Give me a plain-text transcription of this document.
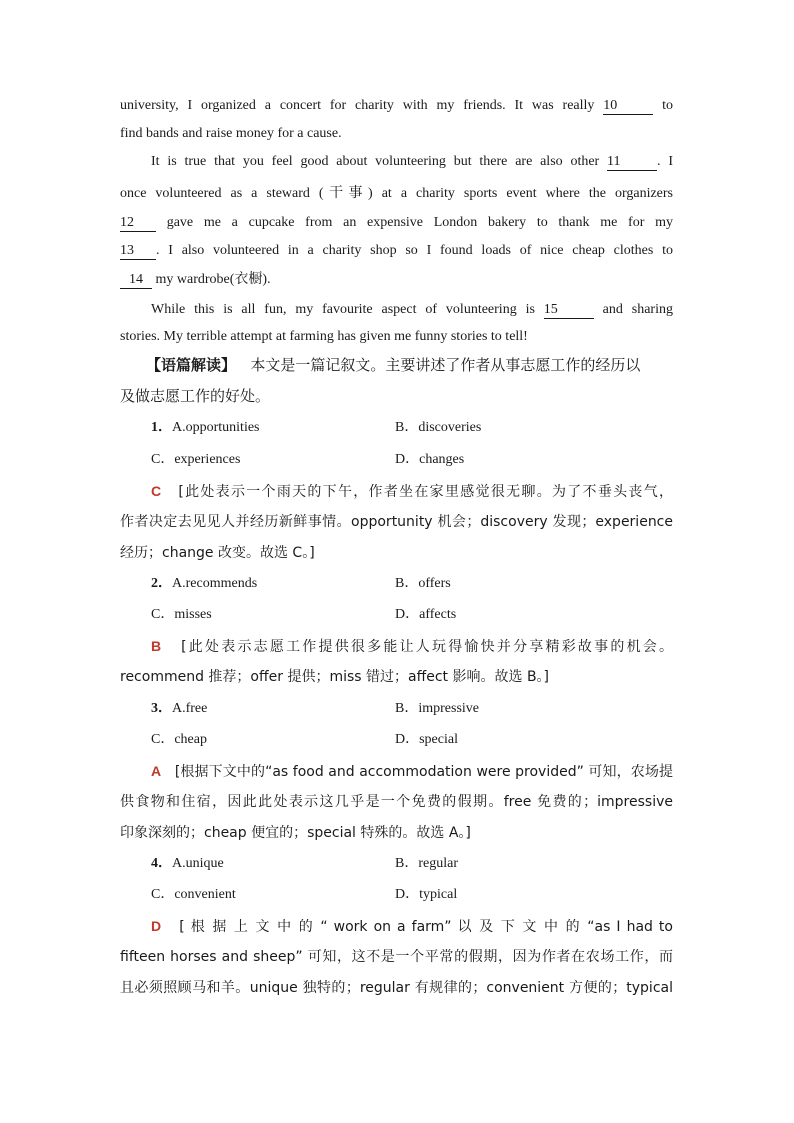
university, I organized a concert for charity with my friends. It was really 10	to
find bands and raise money for a cause.
It is true that you feel good about volunteering but there are also other 11	. I
once volunteered as a steward (干事) at a charity sports event where the organizers
12 gave me a cupcake from an expensive London bakery to thank me for my
13 . I also volunteered in a charity shop so I found loads of nice cheap clothes to
14 my wardrobe(衣橱).
While this is all fun, my favourite aspect of volunteering is 15	and sharing
stories. My terrible attempt at farming has given me funny stories to tell!
【语篇解读】 本文是一篇记叙文。主要讲述了作者从事志愿工作的经历以
及做志愿工作的好处。
1．A.opportunities	B．discoveries
C．experiences	D．changes
C [此处表示一个雨天的下午，作者坐在家里感觉很无聊。为了不垂头丧气，
作者决定去见见人并经历新鲜事情。opportunity 机会；discovery 发现；experience
经历；change 改变。故选 C。]
2．A.recommends	B．offers
C．misses	D．affects
B [此处表示志愿工作提供很多能让人玩得愉快并分享精彩故事的机会。
recommend 推荐；offer 提供；miss 错过；affect 影响。故选 B。]
3．A.free	B．impressive
C．cheap	D．special
A [根据下文中的“as food and accommodation were provided” 可知，农场提
供食物和住宿，因此此处表示这几乎是一个免费的假期。free 免费的；impressive
印象深刻的；cheap 便宜的；special 特殊的。故选 A。]
4．A.unique	B．regular
C．convenient	D．typical
D [ 根 据 上 文 中 的 “ work on a farm” 以 及 下 文 中 的 “as I had to
fifteen horses and sheep” 可知，这不是一个平常的假期，因为作者在农场工作，而
且必须照顾马和羊。unique 独特的；regular 有规律的；convenient 方便的；typical
